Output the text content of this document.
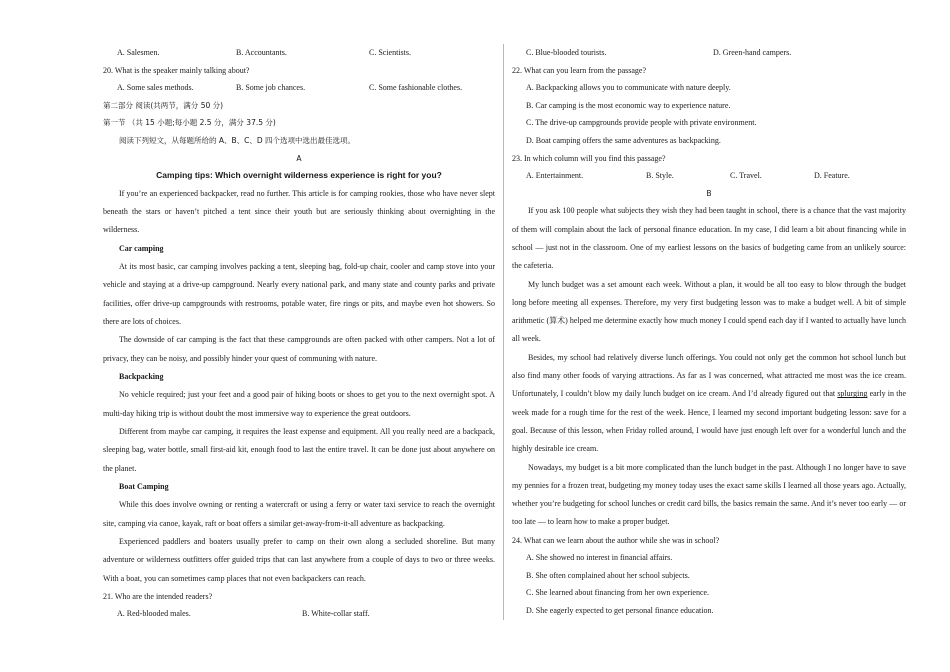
A. Salesmen.	B. Accountants.	C. Scientists.
20. What is the speaker mainly talking about?
A. Some sales methods.	B. Some job chances.	C. Some fashionable clothes.
第二部分 阅读(共两节，满分 50 分)
第一节 （共 15 小题;每小题 2.5 分，满分 37.5 分)
阅读下列短文，从每题所给的 A、B、C、D 四个选项中选出最佳选项。
A
Camping tips: Which overnight wilderness experience is right for you?

If you’re an experienced backpacker, read no further. This article is for camping rookies, those who have never slept beneath the stars or haven’t pitched a tent since their youth but are seriously thinking about overnighting in the wilderness.

Car camping

At its most basic, car camping involves packing a tent, sleeping bag, fold-up chair, cooler and camp stove into your vehicle and staying at a drive-up campground. Nearly every national park, and many state and county parks and private facilities, offer drive-up campgrounds with restrooms, potable water, fire rings or pits, and maybe even hot showers. So there are lots of choices.

The downside of car camping is the fact that these campgrounds are often packed with other campers. Not a lot of privacy, they can be noisy, and possibly hinder your quest of communing with nature.

Backpacking

No vehicle required; just your feet and a good pair of hiking boots or shoes to get you to the next overnight spot. A multi-day hiking trip is without doubt the most immersive way to experience the great outdoors.

Different from maybe car camping, it requires the least expense and equipment. All you really need are a backpack, sleeping bag, water bottle, small first-aid kit, enough food to last the entire travel. It can be done just about anywhere on the planet.

Boat Camping

While this does involve owning or renting a watercraft or using a ferry or water taxi service to reach the overnight site, camping via canoe, kayak, raft or boat offers a similar get-away-from-it-all adventure as backpacking.

Experienced paddlers and boaters usually prefer to camp on their own along a secluded shoreline. But many adventure or wilderness outfitters offer guided trips that can last anywhere from a couple of days to two or three weeks. With a boat, you can sometimes camp places that not even backpackers can reach.

21. Who are the intended readers?
A. Red-blooded males.	B. White-collar staff.
C. Blue-blooded tourists.	D. Green-hand campers.
22. What can you learn from the passage?
A. Backpacking allows you to communicate with nature deeply.
B. Car camping is the most economic way to experience nature.
C. The drive-up campgrounds provide people with private environment.
D. Boat camping offers the same adventures as backpacking.
23. In which column will you find this passage?
A. Entertainment.	B. Style.	C. Travel.	D. Feature.
B

If you ask 100 people what subjects they wish they had been taught in school, there is a chance that the vast majority of them will complain about the lack of personal finance education. In my case, I did learn a bit about financing while in school — just not in the classroom. One of my earliest lessons on the basics of budgeting came from an unlikely source: the cafeteria.

My lunch budget was a set amount each week. Without a plan, it would be all too easy to blow through the budget long before meeting all expenses. Therefore, my very first budgeting lesson was to make a budget well. A bit of simple arithmetic (算术) helped me determine exactly how much money I could spend each day if I wanted to actually have lunch all week.

Besides, my school had relatively diverse lunch offerings. You could not only get the common hot school lunch but also find many other foods of varying attractions. As far as I was concerned, what attracted me most was the ice cream. Unfortunately, I couldn’t blow my daily lunch budget on ice cream. And I’d already figured out that splurging early in the week made for a rough time for the rest of the week. Hence, I learned my second important budgeting lesson: save for a goal. Because of this lesson, when Friday rolled around, I would have just enough left over for a wonderful lunch and the highly desirable ice cream.

Nowadays, my budget is a bit more complicated than the lunch budget in the past. Although I no longer have to save my pennies for a frozen treat, budgeting my money today uses the exact same skills I learned all those years ago. Actually, whether you’re budgeting for school lunches or credit card bills, the basics remain the same. And it’s never too early — or too late — to learn how to make a proper budget.

24. What can we learn about the author while she was in school?
A. She showed no interest in financial affairs.
B. She often complained about her school subjects.
C. She learned about financing from her own experience.
D. She eagerly expected to get personal finance education.
